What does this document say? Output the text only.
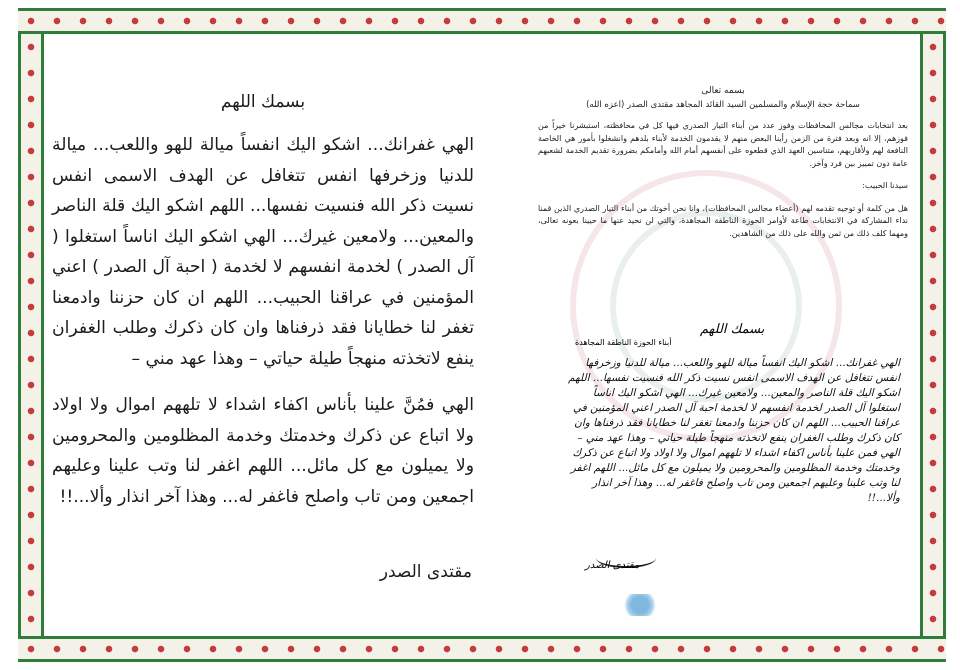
بسمك اللهم

الهي غفرانك... اشكو اليك انفساً ميالة للهو واللعب... ميالة للدنيا وزخرفها انفس تتغافل عن الهدف الاسمى انفس نسيت ذكر الله فنسيت نفسها... اللهم اشكو اليك قلة الناصر والمعين... ولامعين غيرك... الهي اشكو اليك اناساً استغلوا ( آل الصدر ) لخدمة انفسهم لا لخدمة ( احبة آل الصدر ) اعني المؤمنين في عراقنا الحبيب... اللهم ان كان حزننا وادمعنا تغفر لنا خطايانا فقد ذرفناها وان كان ذكرك وطلب الغفران ينفع لاتخذته منهجاً طيلة حياتي – وهذا عهد مني –

الهي فمُنَّ علينا بأناس اكفاء اشداء لا تلههم اموال ولا اولاد ولا اتباع عن ذكرك وخدمتك وخدمة المظلومين والمحرومين ولا يميلون مع كل مائل... اللهم اغفر لنا وتب علينا وعليهم اجمعين ومن تاب واصلح فاغفر له... وهذا آخر انذار وألا...!!

مقتدى الصدر
بسمه تعالى
سماحة حجة الإسلام والمسلمين السيد القائد المجاهد مقتدى الصدر (اعزه الله)
بعد انتخابات مجالس المحافظات وفوز عدد من أبناء التيار الصدري فيها كل في محافظته، استبشرنا خيراً من فوزهم، إلا انه وبعد فترة من الزمن رأينا البعض منهم لا يقدمون الخدمة لأبناء بلدهم وانشغلوا بأمور هي الخاصة النافعة لهم ولأقاربهم، متناسين العهد الذي قطعوه على أنفسهم أمام الله وأمامكم بضرورة تقديم الخدمة لشعبهم عامة دون تمييز بين فرد وآخر.
سيدنا الحبيب:
هل من كلمة أو توجيه تقدمه لهم (أعضاء مجالس المحافظات)، وانا نحن أخوتك من أبناء التيار الصدري الذين قمنا نداء المشاركة في الانتخابات طاعة لأوامر الحوزة الناطقة المجاهدة، والتي لن نحيد عنها ما حيينا بعونه تعالى، ومهما كلف ذلك من ثمن والله على ذلك من الشاهدين.
بسمك اللهم
أبناء الحوزة الناطقة المجاهدة
الهي غفرانك... اشكو اليك انفساً ميالة للهو واللعب... ميالة للدنيا وزخرفها انفس تتغافل عن الهدف الاسمى انفس نسيت ذكر الله فنسيت نفسها... اللهم اشكو اليك قلة الناصر والمعين... ولامعين غيرك... الهي اشكو اليك اناساً استغلوا آل الصدر لخدمة انفسهم لا لخدمة احبة آل الصدر اعني المؤمنين في عراقنا الحبيب... اللهم ان كان حزننا وادمعنا تغفر لنا خطايانا فقد ذرفناها وان كان ذكرك وطلب الغفران ينفع لاتخذته منهجاً طيلة حياتي – وهذا عهد مني – الهي فمن علينا بأناس اكفاء اشداء لا تلههم اموال ولا اولاد ولا اتباع عن ذكرك وخدمتك وخدمة المظلومين والمحرومين ولا يميلون مع كل مائل... اللهم اغفر لنا وتب علينا وعليهم اجمعين ومن تاب واصلح فاغفر له... وهذا آخر انذار وألا...!!
مقتدى الصدر
